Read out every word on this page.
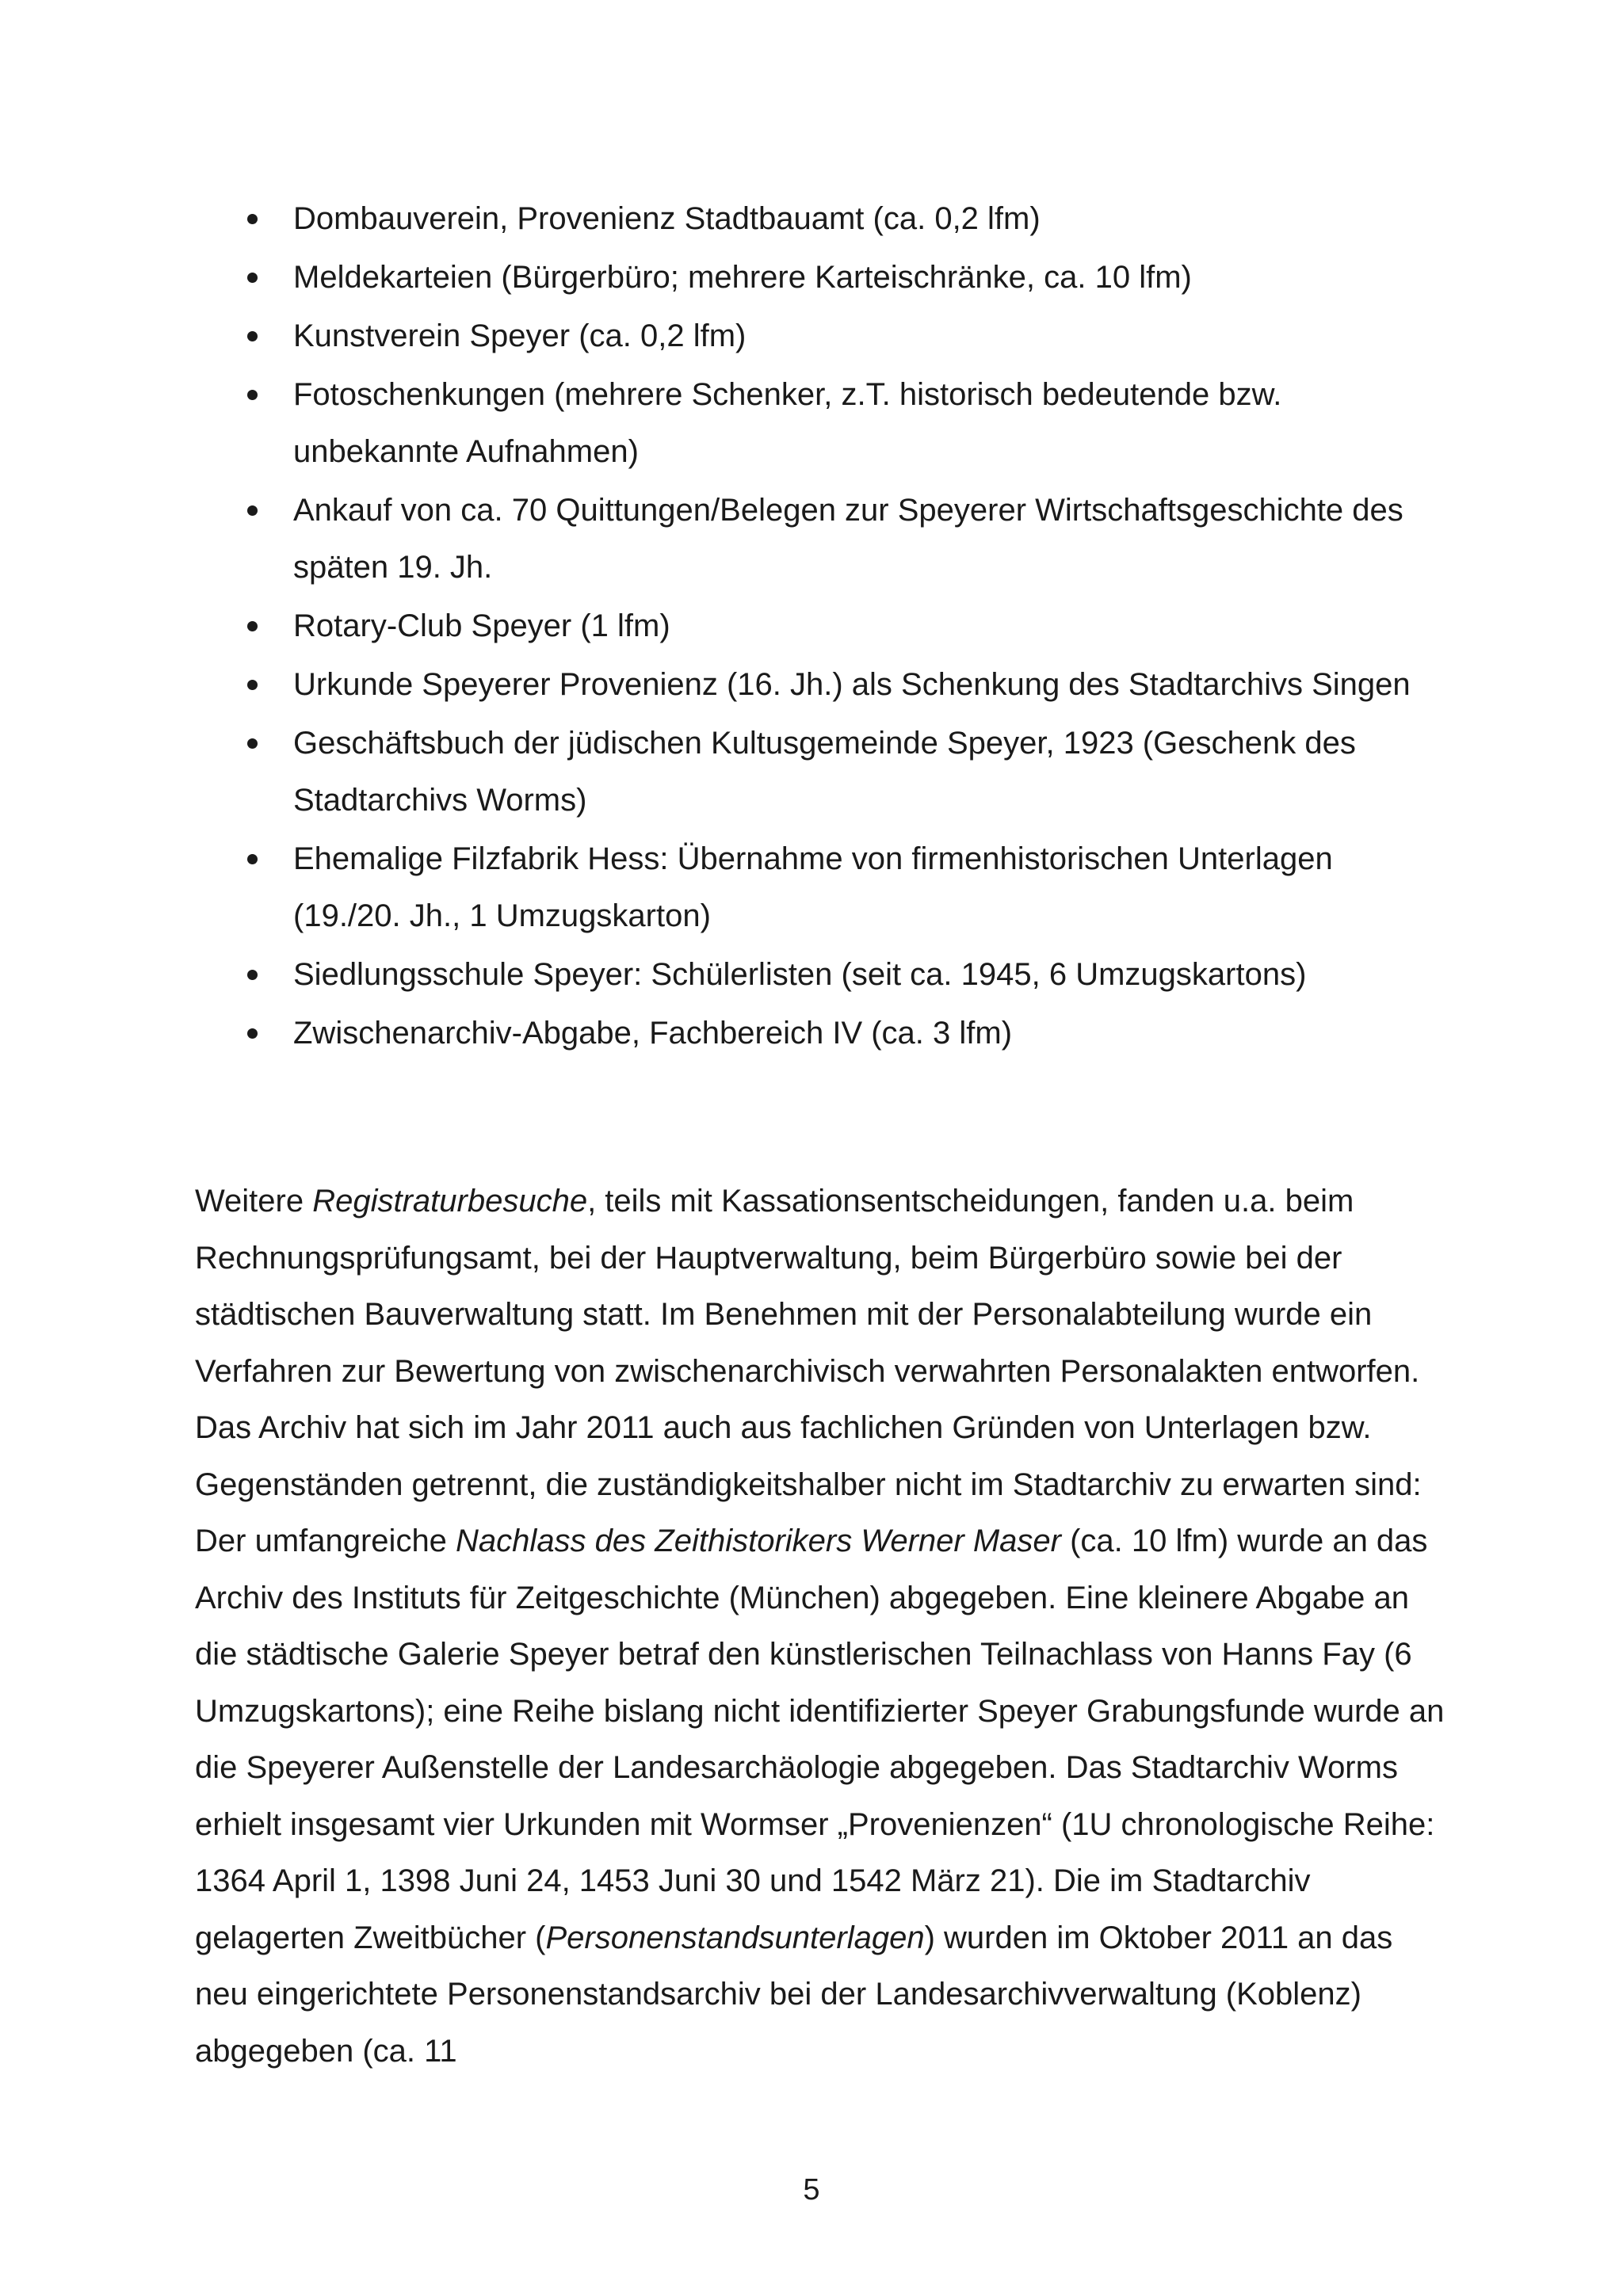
Dombauverein, Provenienz Stadtbauamt (ca. 0,2 lfm)
Meldekarteien (Bürgerbüro; mehrere Karteischränke, ca. 10 lfm)
Kunstverein Speyer (ca. 0,2 lfm)
Fotoschenkungen (mehrere Schenker, z.T. historisch bedeutende bzw. unbekannte Aufnahmen)
Ankauf von ca. 70 Quittungen/Belegen zur Speyerer Wirtschaftsgeschichte des späten 19. Jh.
Rotary-Club Speyer (1 lfm)
Urkunde Speyerer Provenienz (16. Jh.) als Schenkung des Stadtarchivs Singen
Geschäftsbuch der jüdischen Kultusgemeinde Speyer, 1923 (Geschenk des Stadtarchivs Worms)
Ehemalige Filzfabrik Hess: Übernahme von firmenhistorischen Unterlagen (19./20. Jh., 1 Umzugskarton)
Siedlungsschule Speyer: Schülerlisten (seit ca. 1945, 6 Umzugskartons)
Zwischenarchiv-Abgabe, Fachbereich IV (ca. 3 lfm)

Weitere Registraturbesuche, teils mit Kassationsentscheidungen, fanden u.a. beim Rechnungsprüfungsamt, bei der Hauptverwaltung, beim Bürgerbüro sowie bei der städtischen Bauverwaltung statt. Im Benehmen mit der Personalabteilung wurde ein Verfahren zur Bewertung von zwischenarchivisch verwahrten Personalakten entworfen.

Das Archiv hat sich im Jahr 2011 auch aus fachlichen Gründen von Unterlagen bzw. Gegenständen getrennt, die zuständigkeitshalber nicht im Stadtarchiv zu erwarten sind: Der umfangreiche Nachlass des Zeithistorikers Werner Maser (ca. 10 lfm) wurde an das Archiv des Instituts für Zeitgeschichte (München) abgegeben. Eine kleinere Abgabe an die städtische Galerie Speyer betraf den künstlerischen Teilnachlass von Hanns Fay (6 Umzugskartons); eine Reihe bislang nicht identifizierter Speyer Grabungsfunde wurde an die Speyerer Außenstelle der Landesarchäologie abgegeben. Das Stadtarchiv Worms erhielt insgesamt vier Urkunden mit Wormser „Provenienzen“ (1U chronologische Reihe: 1364 April 1, 1398 Juni 24, 1453 Juni 30 und 1542 März 21). Die im Stadtarchiv gelagerten Zweitbücher (Personenstandsunterlagen) wurden im Oktober 2011 an das neu eingerichtete Personenstandsarchiv bei der Landesarchivverwaltung (Koblenz) abgegeben (ca. 11

5
